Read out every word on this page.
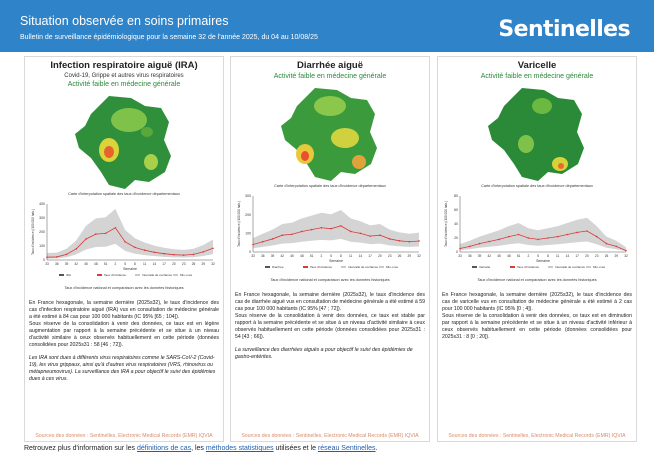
Situation observée en soins primaires
Bulletin de surveillance épidémiologique pour la semaine 32 de l'année 2025, du 04 au 10/08/25	Sentinelles
Infection respiratoire aiguë (IRA)
Covid-19, Grippe et autres virus respiratoires
Activité faible en médecine générale
Carte d'interpolation spatiale des taux d'incidence départementaux
0
100
200
300
400
33 36 39 42 45 48 51 2 5 8 11 14 17 20 23 26 29 32
Semaine
Taux d'incidence (/100 000 hab.)
IRA	Taux d'incidence	Intervalle de confiance	Min–max
Taux d'incidence national et comparaison avec les données historiques

En France hexagonale, la semaine dernière (2025s32), le taux d'incidence des cas d'infection respiratoire aiguë (IRA) vus en consultation de médecine générale a été estimé à 84 cas pour 100 000 habitants (IC 95% [65 ; 104]).

Sous réserve de la consolidation à venir des données, ce taux est en légère augmentation par rapport à la semaine précédente et se situe à un niveau d'activité similaire à ceux observés habituellement en cette période (données consolidées pour 2025s31 : 58 [46 ; 72]).

Les IRA sont dues à différents virus respiratoires comme le SARS-CoV-2 (Covid-19), les virus grippaux, ainsi qu'à d'autres virus respiratoires (VRS, rhinovirus ou métapneumovirus). La surveillance des IRA a pour objectif le suivi des épidémies dues à ces virus.
Sources des données : Sentinelles, Electronic Medical Records (EMR) IQVIA
Diarrhée aiguë
Activité faible en médecine générale
Carte d'interpolation spatiale des taux d'incidence départementaux
0
100
200
300
33 36 39 42 45 48 51 2 5 8 11 14 17 20 23 26 29 32
Semaine
Taux d'incidence (/100 000 hab.)
Diarrhée	Taux d'incidence	Intervalle de confiance	Min–max
Taux d'incidence national et comparaison avec les données historiques

En France hexagonale, la semaine dernière (2025s32), le taux d'incidence des cas de diarrhée aiguë vus en consultation de médecine générale a été estimé à 59 cas pour 100 000 habitants (IC 95% [47 ; 72]).

Sous réserve de la consolidation à venir des données, ce taux est stable par rapport à la semaine précédente et se situe à un niveau d'activité similaire à ceux observés habituellement en cette période (données consolidées pour 2025s31 : 54 [43 ; 66]).

La surveillance des diarrhées aiguës a pour objectif le suivi des épidémies de gastro-entérites.
Sources des données : Sentinelles, Electronic Medical Records (EMR) IQVIA
Varicelle
Activité faible en médecine générale
Carte d'interpolation spatiale des taux d'incidence départementaux
0
20
40
60
80
33 36 39 42 45 48 51 2 5 8 11 14 17 20 23 26 29 32
Semaine
Taux d'incidence (/100 000 hab.)
Varicelle	Taux d'incidence	Intervalle de confiance	Min–max
Taux d'incidence national et comparaison avec les données historiques

En France hexagonale, la semaine dernière (2025s32), le taux d'incidence des cas de varicelle vus en consultation de médecine générale a été estimé à 2 cas pour 100 000 habitants (IC 95% [0 ; 4]).

Sous réserve de la consolidation à venir des données, ce taux est en diminution par rapport à la semaine précédente et se situe à un niveau d'activité inférieur à ceux observés habituellement en cette période (données consolidées pour 2025s31 : 8 [0 ; 20]).

Sources des données : Sentinelles, Electronic Medical Records (EMR) IQVIA
Retrouvez plus d'information sur les définitions de cas, les méthodes statistiques utilisées et le réseau Sentinelles.
